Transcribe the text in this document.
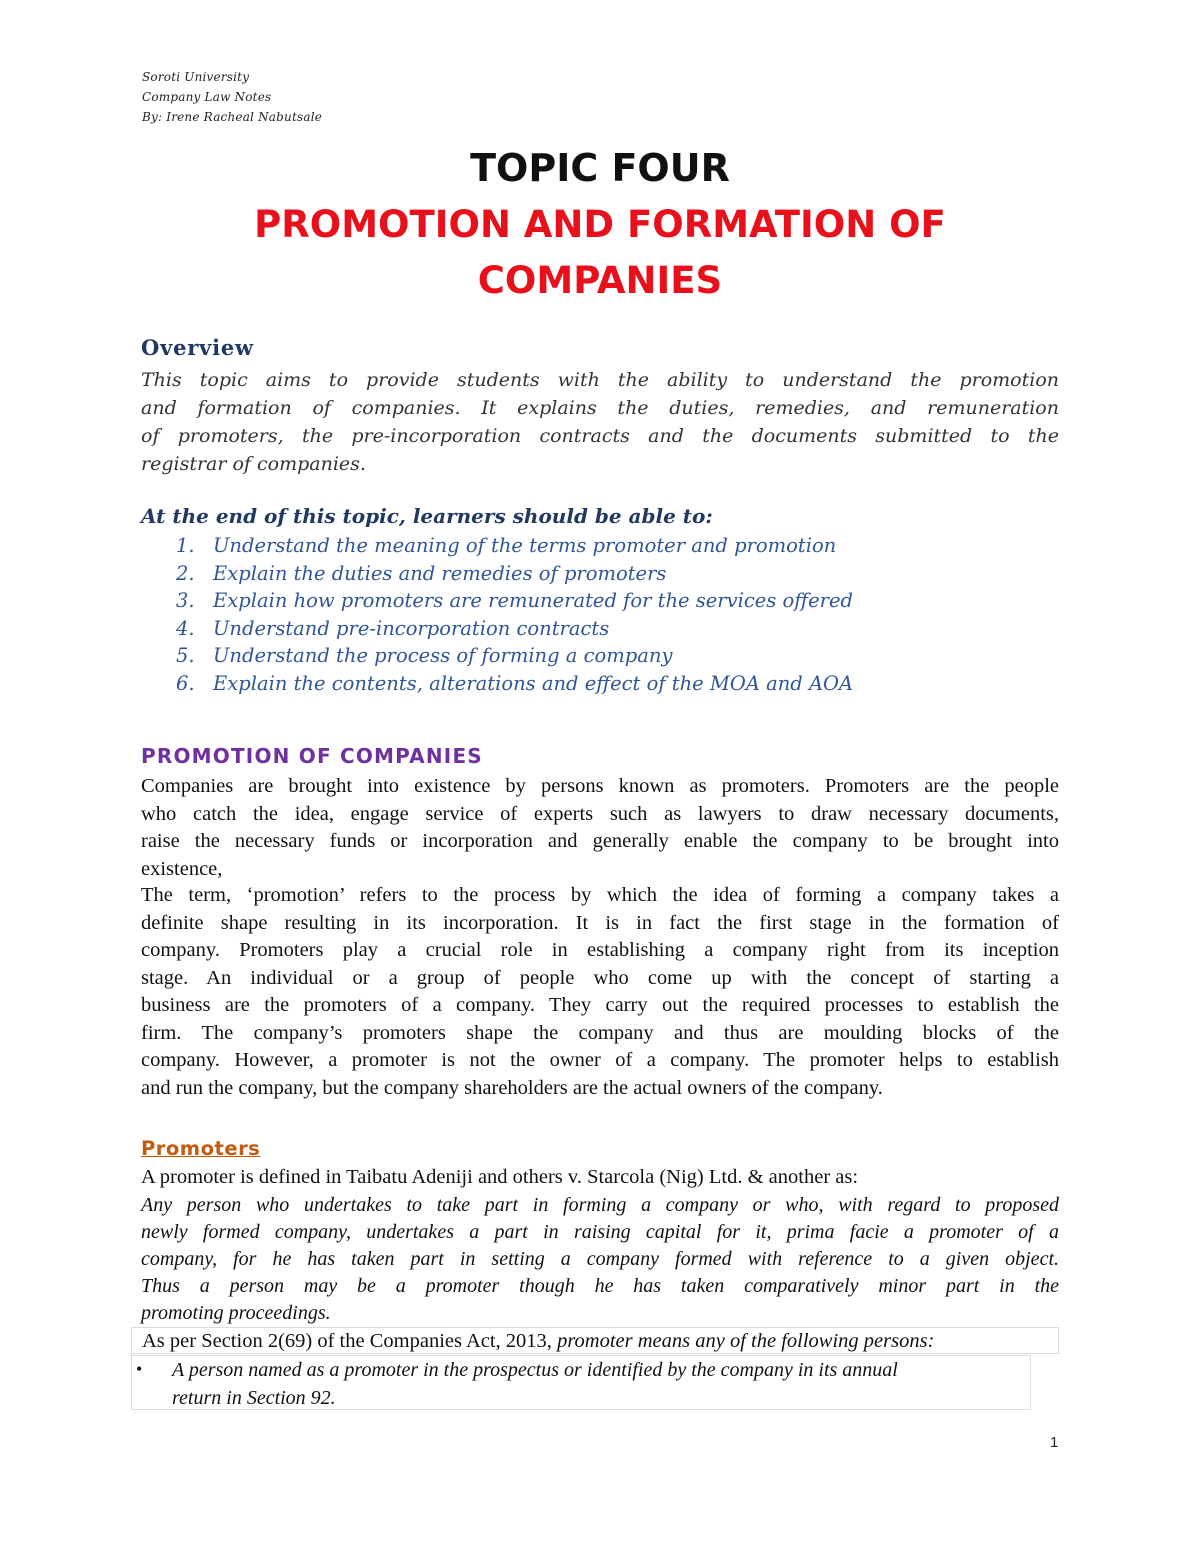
Soroti University
Company Law Notes
By: Irene Racheal Nabutsale
TOPIC FOUR
PROMOTION AND FORMATION OF
COMPANIES
Overview
This topic aims to provide students with the ability to understand the promotion
and formation of companies. It explains the duties, remedies, and remuneration
of promoters, the pre-incorporation contracts and the documents submitted to the
registrar of companies.
At the end of this topic, learners should be able to:
1. Understand the meaning of the terms promoter and promotion
2. Explain the duties and remedies of promoters
3. Explain how promoters are remunerated for the services offered
4. Understand pre-incorporation contracts
5. Understand the process of forming a company
6. Explain the contents, alterations and effect of the MOA and AOA
PROMOTION OF COMPANIES
Companies are brought into existence by persons known as promoters. Promoters are the people
who catch the idea, engage service of experts such as lawyers to draw necessary documents,
raise the necessary funds or incorporation and generally enable the company to be brought into
existence,
The term, ‘promotion’ refers to the process by which the idea of forming a company takes a
definite shape resulting in its incorporation. It is in fact the first stage in the formation of
company. Promoters play a crucial role in establishing a company right from its inception
stage. An individual or a group of people who come up with the concept of starting a
business are the promoters of a company. They carry out the required processes to establish the
firm. The company’s promoters shape the company and thus are moulding blocks of the
company. However, a promoter is not the owner of a company. The promoter helps to establish
and run the company, but the company shareholders are the actual owners of the company.
Promoters
A promoter is defined in Taibatu Adeniji and others v. Starcola (Nig) Ltd. & another as:
Any person who undertakes to take part in forming a company or who, with regard to proposed
newly formed company, undertakes a part in raising capital for it, prima facie a promoter of a
company, for he has taken part in setting a company formed with reference to a given object.
Thus a person may be a promoter though he has taken comparatively minor part in the
promoting proceedings.
As per Section 2(69) of the Companies Act, 2013, promoter means any of the following persons:
• A person named as a promoter in the prospectus or identified by the company in its annual
return in Section 92.
1
